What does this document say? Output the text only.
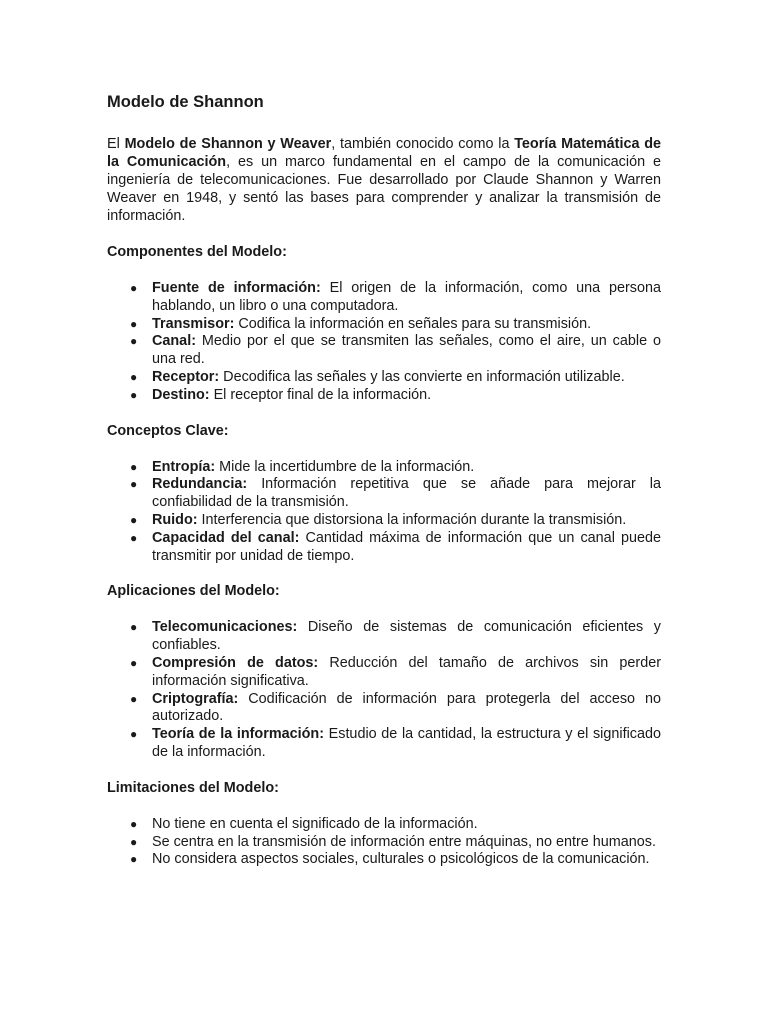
Modelo de Shannon

El Modelo de Shannon y Weaver, también conocido como la Teoría Matemática de la Comunicación, es un marco fundamental en el campo de la comunicación e ingeniería de telecomunicaciones. Fue desarrollado por Claude Shannon y Warren Weaver en 1948, y sentó las bases para comprender y analizar la transmisión de información.

Componentes del Modelo:
● Fuente de información: El origen de la información, como una persona hablando, un libro o una computadora.
● Transmisor: Codifica la información en señales para su transmisión.
● Canal: Medio por el que se transmiten las señales, como el aire, un cable o una red.
● Receptor: Decodifica las señales y las convierte en información utilizable.
● Destino: El receptor final de la información.
Conceptos Clave:
● Entropía: Mide la incertidumbre de la información.
● Redundancia: Información repetitiva que se añade para mejorar la confiabilidad de la transmisión.
● Ruido: Interferencia que distorsiona la información durante la transmisión.
● Capacidad del canal: Cantidad máxima de información que un canal puede transmitir por unidad de tiempo.
Aplicaciones del Modelo:
● Telecomunicaciones: Diseño de sistemas de comunicación eficientes y confiables.
● Compresión de datos: Reducción del tamaño de archivos sin perder información significativa.
● Criptografía: Codificación de información para protegerla del acceso no autorizado.
● Teoría de la información: Estudio de la cantidad, la estructura y el significado de la información.
Limitaciones del Modelo:
● No tiene en cuenta el significado de la información.
● Se centra en la transmisión de información entre máquinas, no entre humanos.
● No considera aspectos sociales, culturales o psicológicos de la comunicación.
